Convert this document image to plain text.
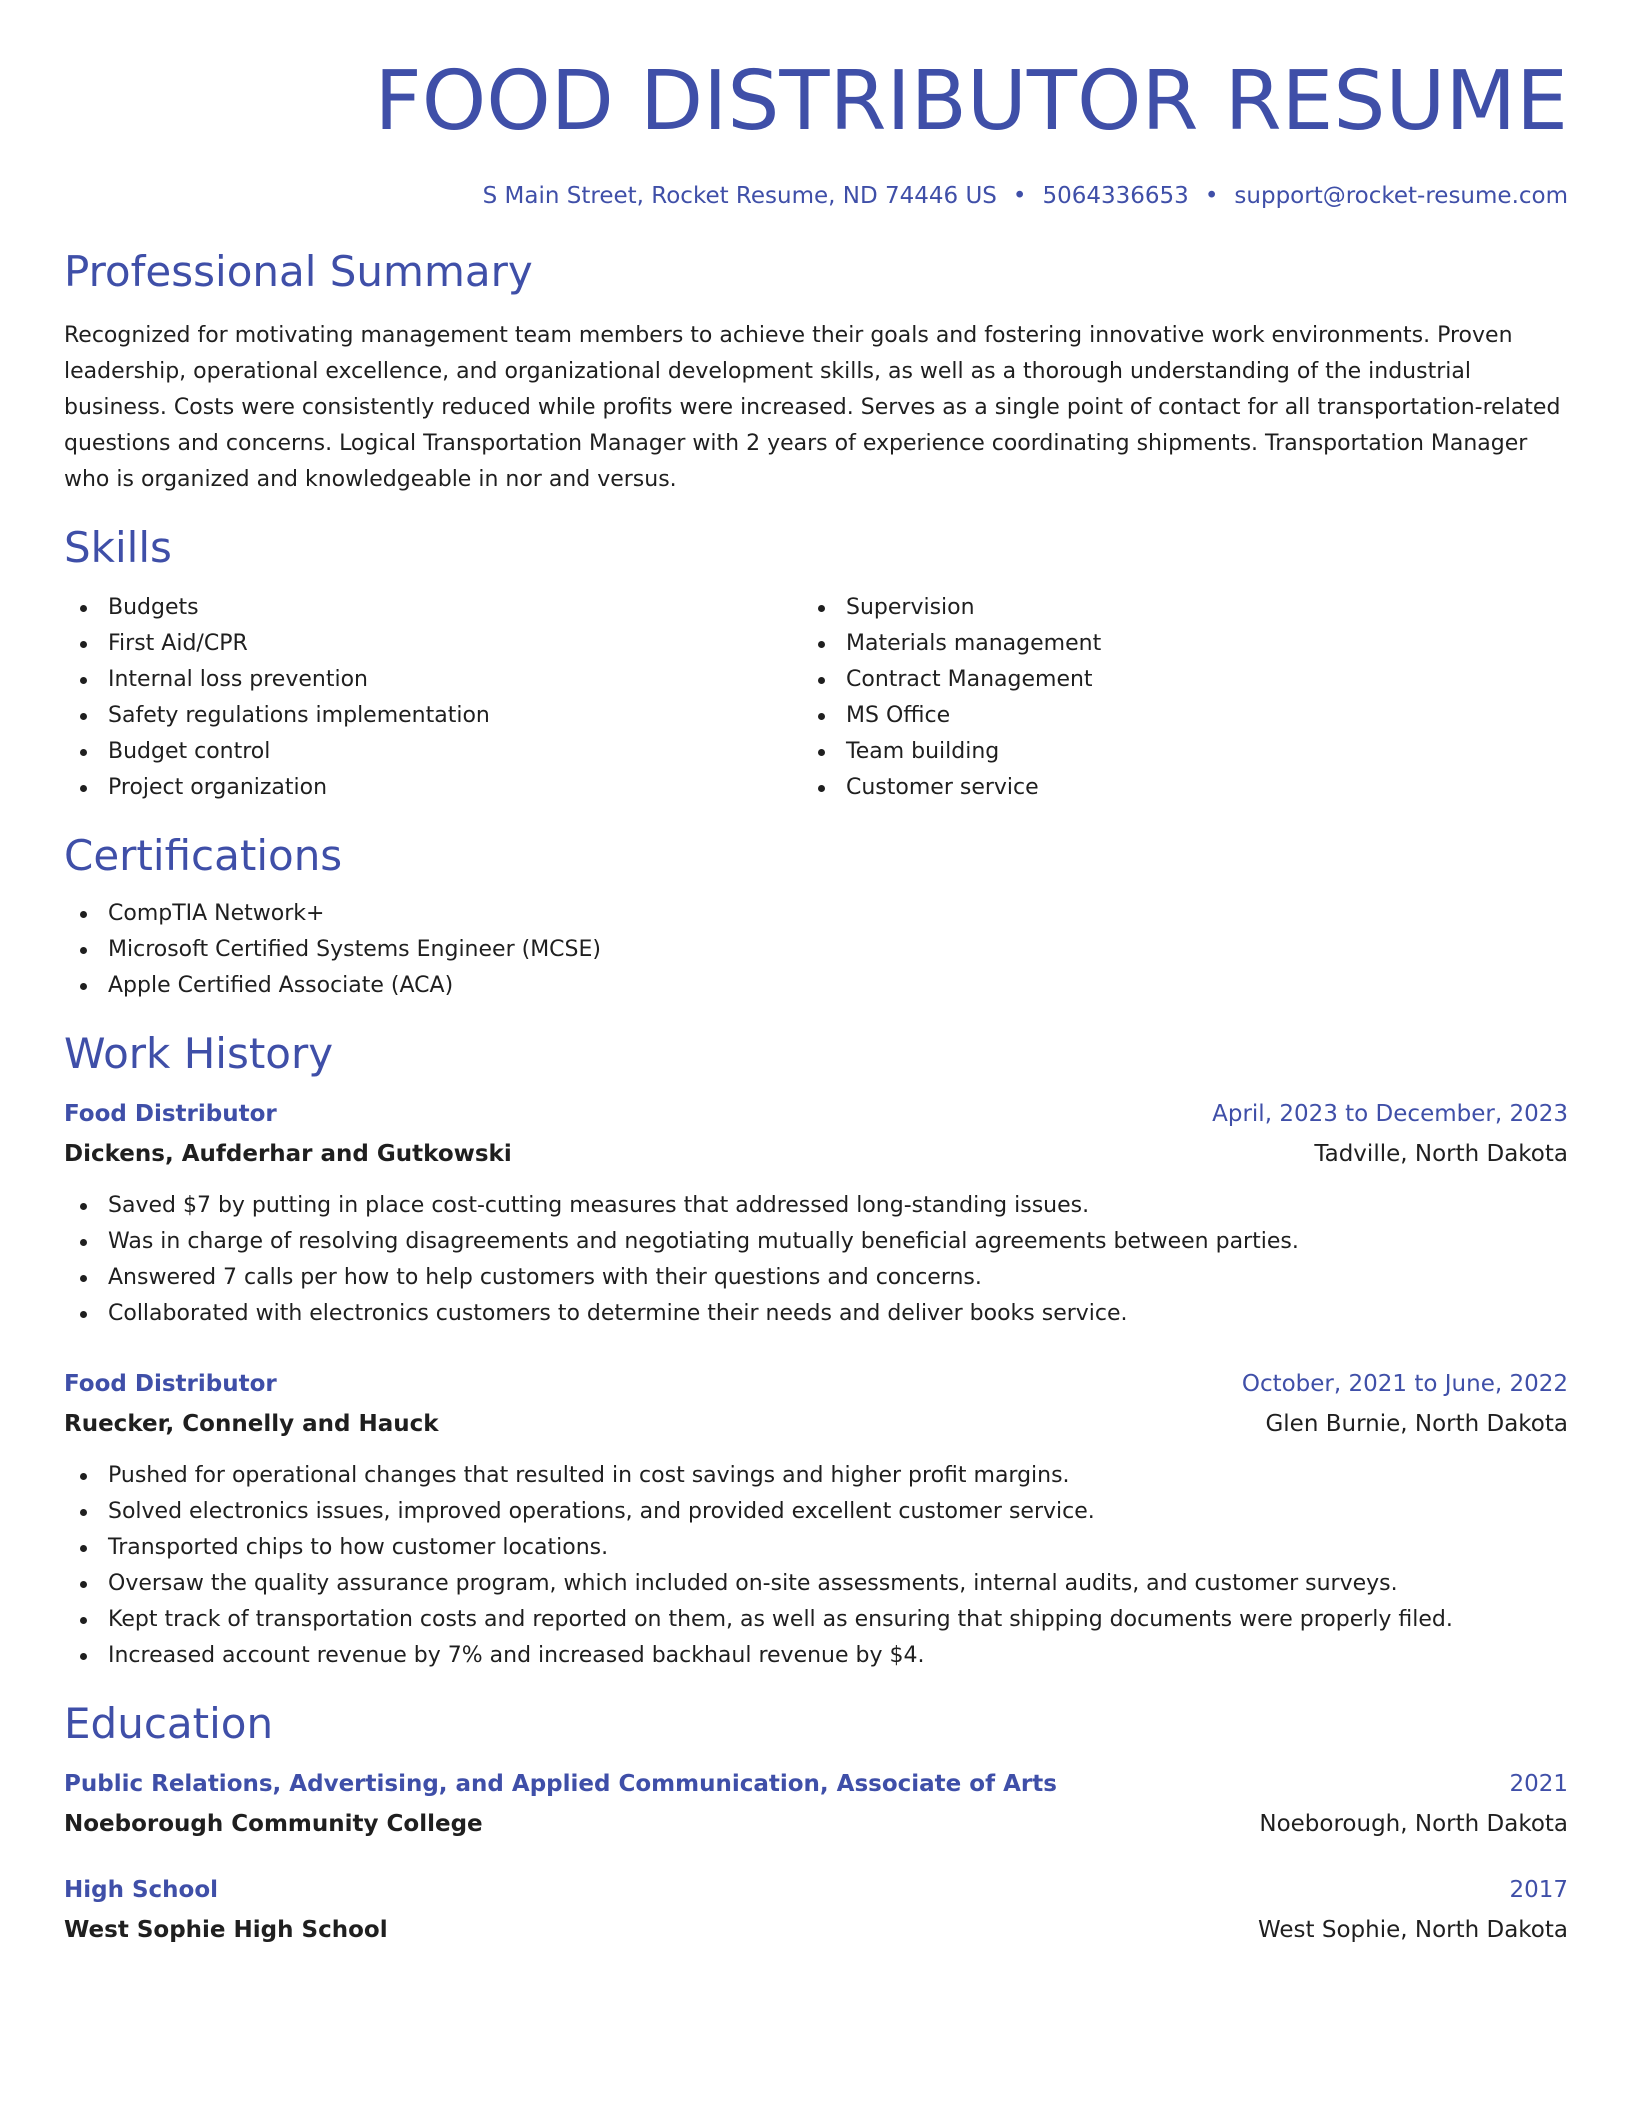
FOOD DISTRIBUTOR RESUME
S Main Street, Rocket Resume, ND 74446 US • 5064336653 • support@rocket-resume.com
Professional Summary

Recognized for motivating management team members to achieve their goals and fostering innovative work environments. Proven leadership, operational excellence, and organizational development skills, as well as a thorough understanding of the industrial business. Costs were consistently reduced while profits were increased. Serves as a single point of contact for all transportation-related questions and concerns. Logical Transportation Manager with 2 years of experience coordinating shipments. Transportation Manager who is organized and knowledgeable in nor and versus.

Skills
Budgets
First Aid/CPR
Internal loss prevention
Safety regulations implementation
Budget control
Project organization
Supervision
Materials management
Contract Management
MS Office
Team building
Customer service
Certifications
CompTIA Network+
Microsoft Certified Systems Engineer (MCSE)
Apple Certified Associate (ACA)
Work History
Food Distributor	April, 2023 to December, 2023
Dickens, Aufderhar and Gutkowski	Tadville, North Dakota
Saved $7 by putting in place cost-cutting measures that addressed long-standing issues.
Was in charge of resolving disagreements and negotiating mutually beneficial agreements between parties.
Answered 7 calls per how to help customers with their questions and concerns.
Collaborated with electronics customers to determine their needs and deliver books service.
Food Distributor	October, 2021 to June, 2022
Ruecker, Connelly and Hauck	Glen Burnie, North Dakota
Pushed for operational changes that resulted in cost savings and higher profit margins.
Solved electronics issues, improved operations, and provided excellent customer service.
Transported chips to how customer locations.
Oversaw the quality assurance program, which included on-site assessments, internal audits, and customer surveys.
Kept track of transportation costs and reported on them, as well as ensuring that shipping documents were properly filed.
Increased account revenue by 7% and increased backhaul revenue by $4.
Education
Public Relations, Advertising, and Applied Communication, Associate of Arts	2021
Noeborough Community College	Noeborough, North Dakota
High School	2017
West Sophie High School	West Sophie, North Dakota
